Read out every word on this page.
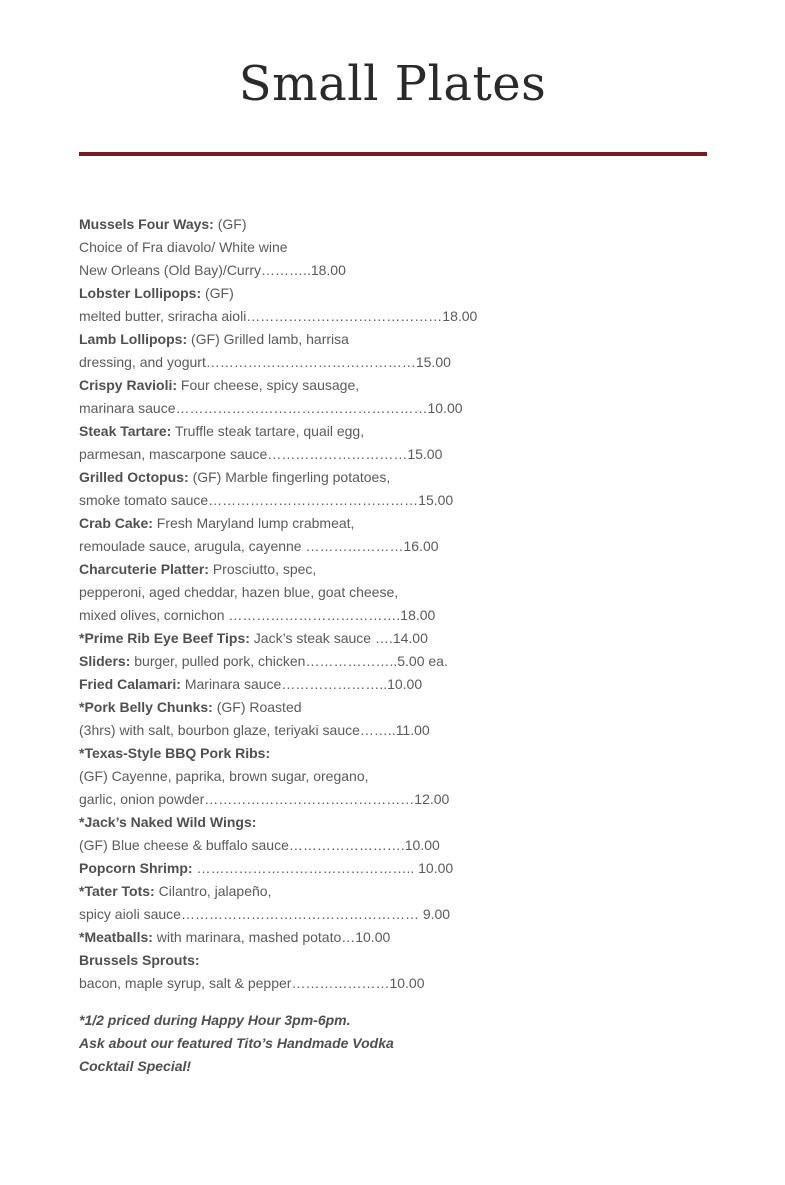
Small Plates
Mussels Four Ways: (GF)
Choice of Fra diavolo/ White wine
New Orleans (Old Bay)/Curry………..18.00
Lobster Lollipops: (GF)
melted butter, sriracha aioli……………………………………18.00
Lamb Lollipops: (GF) Grilled lamb, harrisa
dressing, and yogurt………………………………………15.00
Crispy Ravioli: Four cheese, spicy sausage,
marinara sauce………………………………………………10.00
Steak Tartare: Truffle steak tartare, quail egg,
parmesan, mascarpone sauce…………………………15.00
Grilled Octopus: (GF) Marble fingerling potatoes,
smoke tomato sauce………………………………………15.00
Crab Cake: Fresh Maryland lump crabmeat,
remoulade sauce, arugula, cayenne …………………16.00
Charcuterie Platter: Prosciutto, spec,
pepperoni, aged cheddar, hazen blue, goat cheese,
mixed olives, cornichon ……………………………….18.00
*Prime Rib Eye Beef Tips: Jack’s steak sauce ….14.00
Sliders: burger, pulled pork, chicken………………..5.00 ea.
Fried Calamari: Marinara sauce…………………..10.00
*Pork Belly Chunks: (GF) Roasted
(3hrs) with salt, bourbon glaze, teriyaki sauce……..11.00
*Texas-Style BBQ Pork Ribs:
(GF) Cayenne, paprika, brown sugar, oregano,
garlic, onion powder………………………………………12.00
*Jack’s Naked Wild Wings:
(GF) Blue cheese & buffalo sauce…………………….10.00
Popcorn Shrimp: ……………………………………….. 10.00
*Tater Tots: Cilantro, jalapeño,
spicy aioli sauce…………………………………………… 9.00
*Meatballs: with marinara, mashed potato…10.00
Brussels Sprouts:
bacon, maple syrup, salt & pepper…………………10.00
*1/2 priced during Happy Hour 3pm-6pm.
Ask about our featured Tito’s Handmade Vodka
Cocktail Special!
